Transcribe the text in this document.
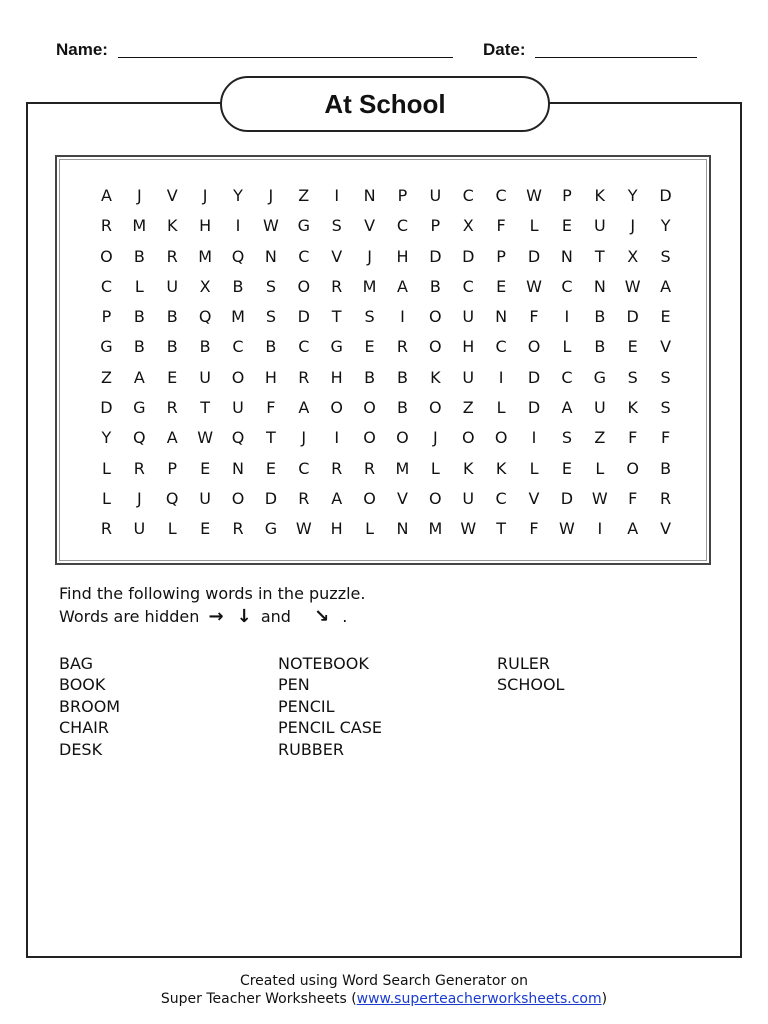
Name:	Date:
At School
A	J	V	J	Y	J	Z	I	N	P	U	C	C	W	P	K	Y	D
R	M	K	H	I	W	G	S	V	C	P	X	F	L	E	U	J	Y
O	B	R	M	Q	N	C	V	J	H	D	D	P	D	N	T	X	S
C	L	U	X	B	S	O	R	M	A	B	C	E	W	C	N	W	A
P	B	B	Q	M	S	D	T	S	I	O	U	N	F	I	B	D	E
G	B	B	B	C	B	C	G	E	R	O	H	C	O	L	B	E	V
Z	A	E	U	O	H	R	H	B	B	K	U	I	D	C	G	S	S
D	G	R	T	U	F	A	O	O	B	O	Z	L	D	A	U	K	S
Y	Q	A	W	Q	T	J	I	O	O	J	O	O	I	S	Z	F	F
L	R	P	E	N	E	C	R	R	M	L	K	K	L	E	L	O	B
L	J	Q	U	O	D	R	A	O	V	O	U	C	V	D	W	F	R
R	U	L	E	R	G	W	H	L	N	M	W	T	F	W	I	A	V
Find the following words in the puzzle.
Words are hidden → ↓ and ↘ .
BAG
BOOK
BROOM
CHAIR
DESK
NOTEBOOK
PEN
PENCIL
PENCIL CASE
RUBBER
RULER
SCHOOL
Created using Word Search Generator on
Super Teacher Worksheets (www.superteacherworksheets.com)
